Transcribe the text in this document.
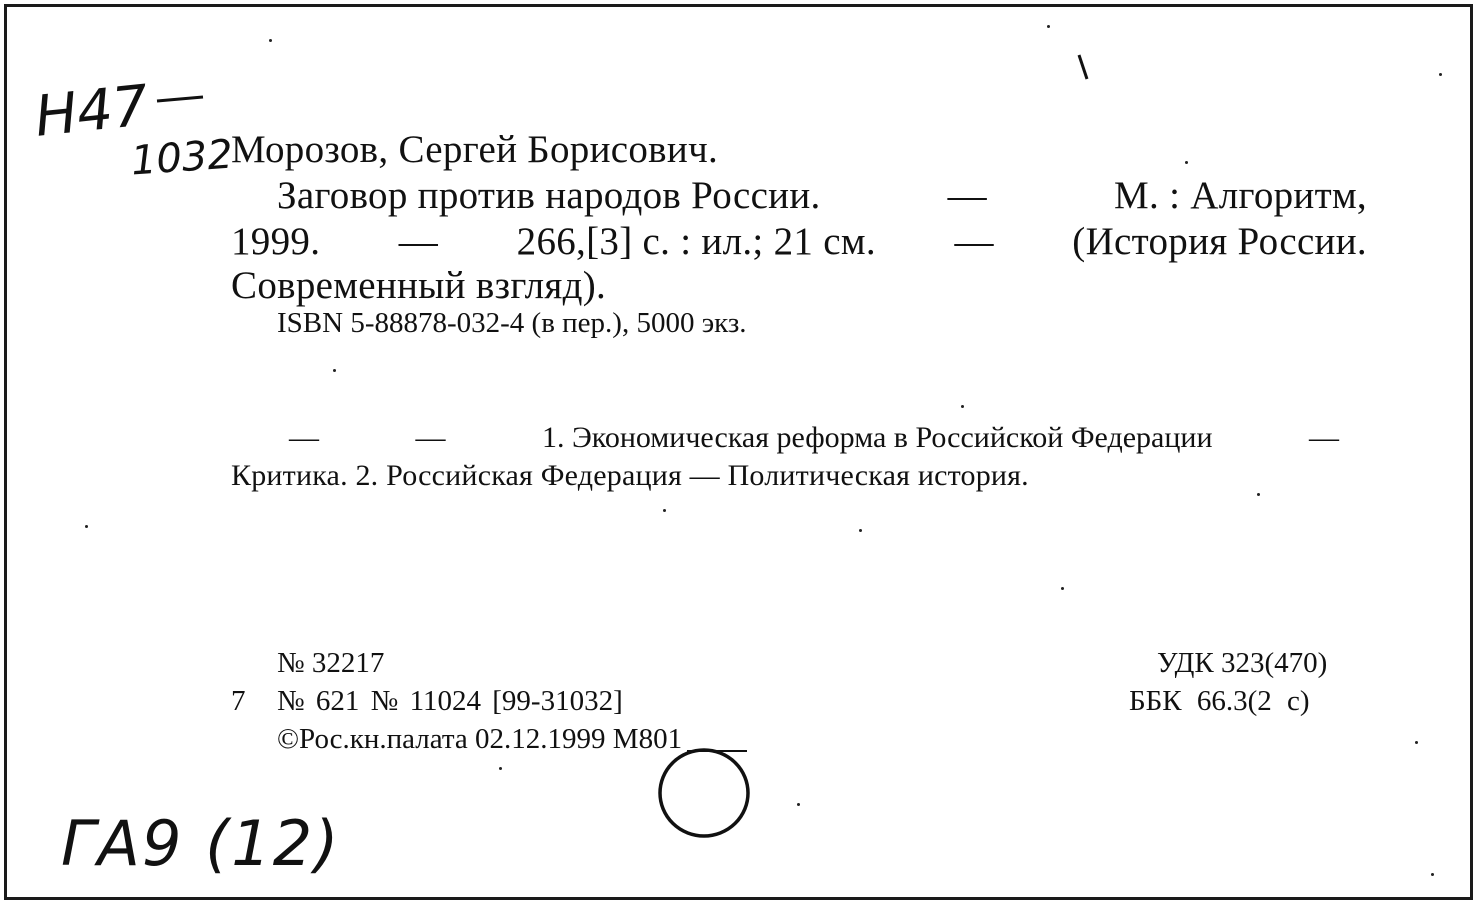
Н47
1032
Морозов, Сергей Борисович.
Заговор против народов России.	—	М. : Алгоритм,
1999. — 266,[3] с. : ил.; 21 см. — (История России.
Современный взгляд).
ISBN 5-88878-032-4 (в пер.), 5000 экз.
—	—	1. Экономическая реформа в Российской Федерации	—
Критика. 2. Российская Федерация — Политическая история.
№ 32217
7 № 621 № 11024 [99-31032]
©Рос.кн.палата 02.12.1999 М801
УДК 323(470)
ББК 66.3(2 с)
ГА9 (12)
